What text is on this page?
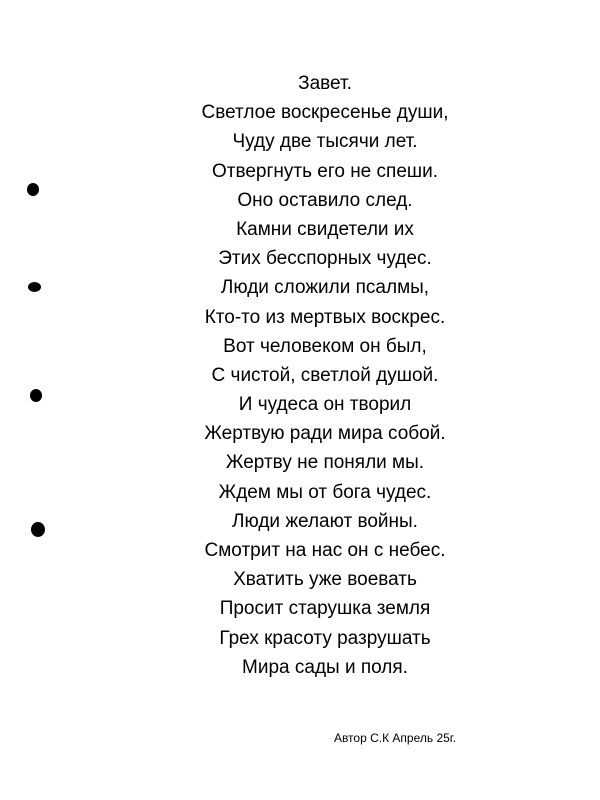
Завет.
Светлое воскресенье души,
Чуду две тысячи лет.
Отвергнуть его не спеши.
Оно оставило след.
Камни свидетели их
Этих бесспорных чудес.
Люди сложили псалмы,
Кто-то из мертвых воскрес.
Вот человеком он был,
С чистой, светлой душой.
И чудеса он творил
Жертвую ради мира собой.
Жертву не поняли мы.
Ждем мы от бога чудес.
Люди желают войны.
Смотрит на нас он с небес.
Хватить уже воевать
Просит старушка земля
Грех красоту разрушать
Мира сады и поля.
Автор С.К Апрель 25г.
